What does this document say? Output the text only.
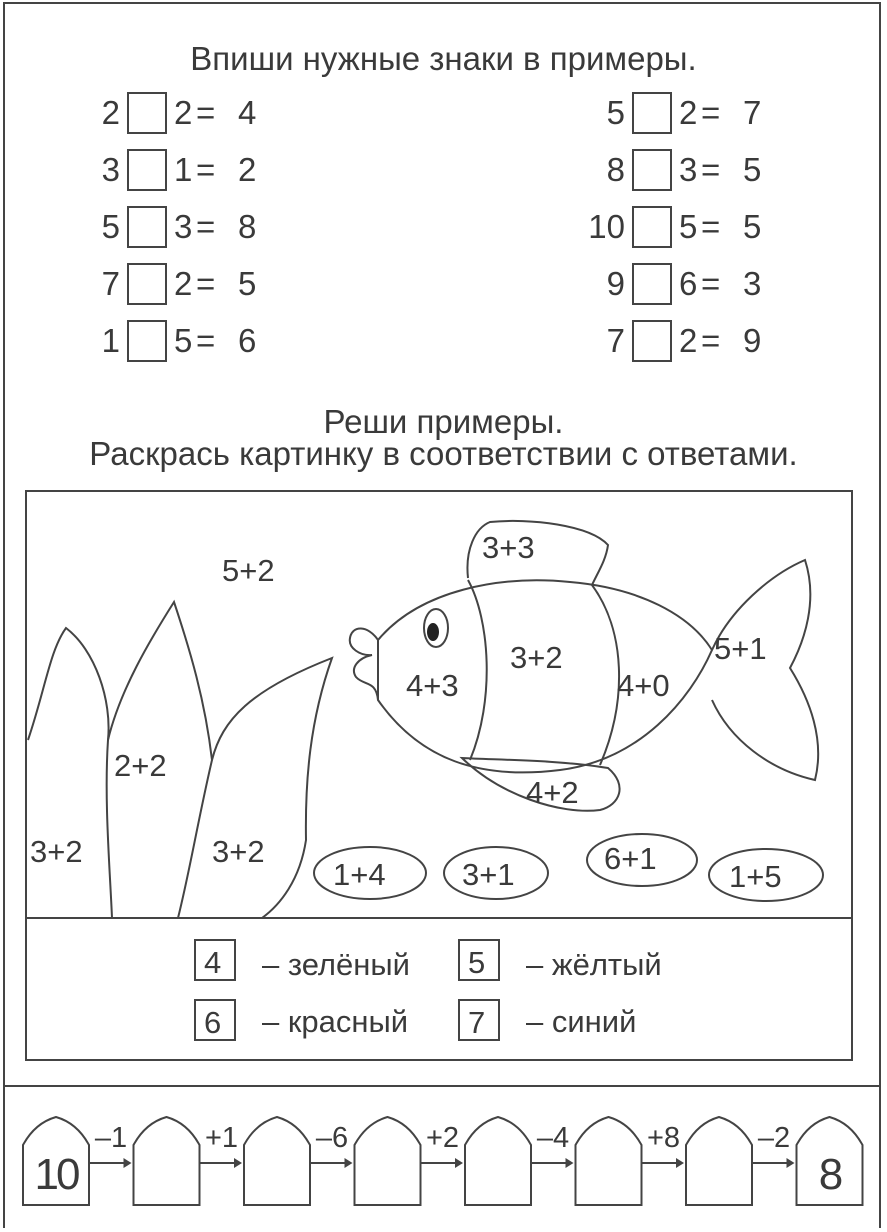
Впиши нужные знаки в примеры.
2 2 = 4
3 1 = 2
5 3 = 8
7 2 = 5
1 5 = 6
5 2 = 7
8 3 = 5
10 5 = 5
9 6 = 3
7 2 = 9
Реши примеры.
Раскрась картинку в соответствии с ответами.
5+2
3+3
4+3
3+2
4+0
5+1
4+2
3+2
2+2
3+2
1+4 3+1	6+1
1+5
4 – зелёный 5 – жёлтый
6 – красный 7 – синий
10
–1	+1	–6	+2	–4	+8	–2
8
